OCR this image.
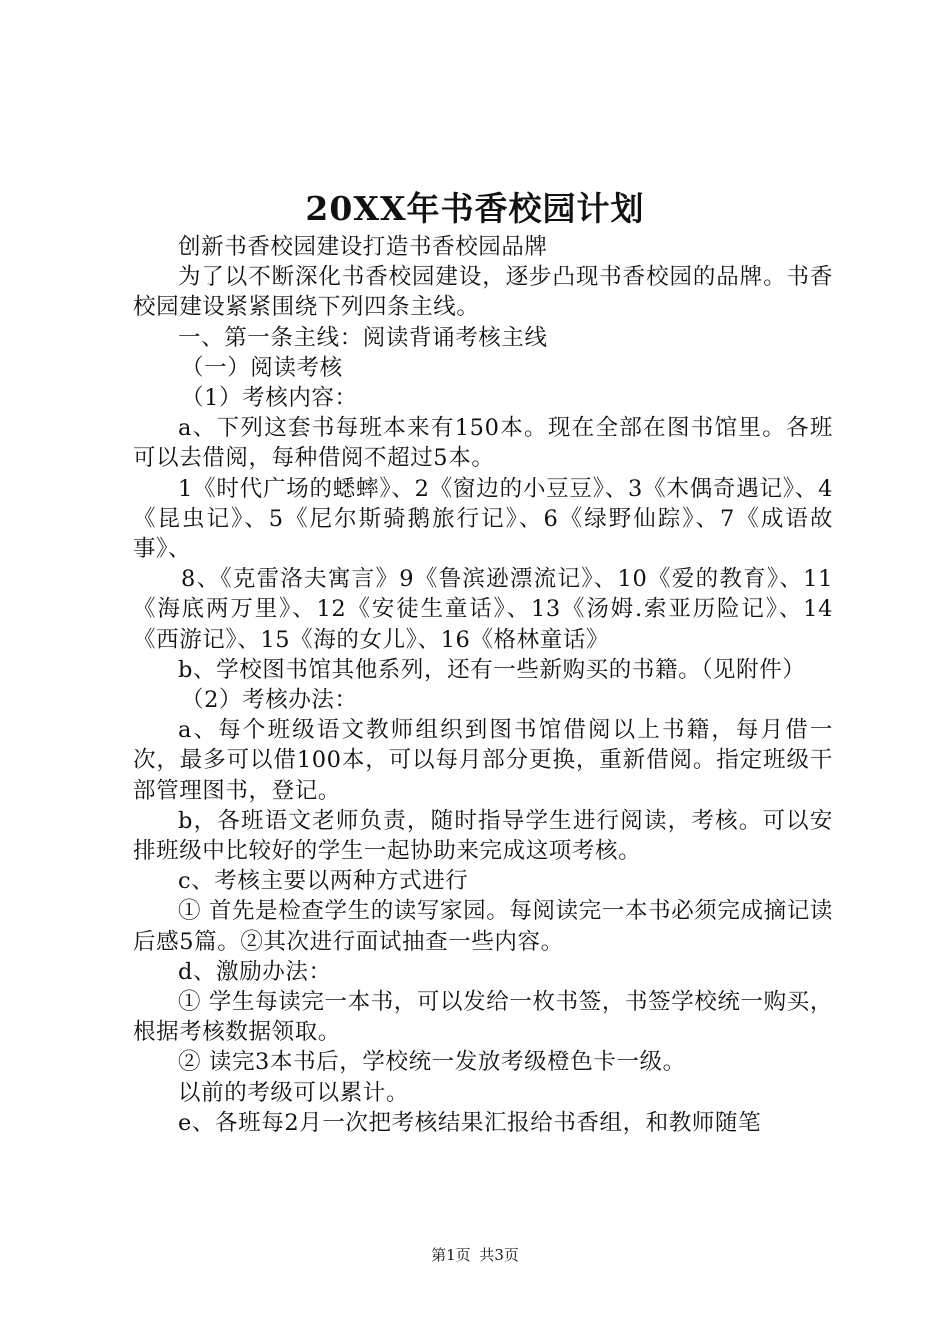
20XX年书香校园计划

创新书香校园建设打造书香校园品牌

为了以不断深化书香校园建设，逐步凸现书香校园的品牌。书香校园建设紧紧围绕下列四条主线。

一、第一条主线：阅读背诵考核主线

（一）阅读考核

（1）考核内容：

a、下列这套书每班本来有150本。现在全部在图书馆里。各班可以去借阅，每种借阅不超过5本。

1《时代广场的蟋蟀》、2《窗边的小豆豆》、3《木偶奇遇记》、4《昆虫记》、5《尼尔斯骑鹅旅行记》、6《绿野仙踪》、7《成语故事》、

8、《克雷洛夫寓言》9《鲁滨逊漂流记》、10《爱的教育》、11《海底两万里》、12《安徒生童话》、13《汤姆.索亚历险记》、14《西游记》、15《海的女儿》、16《格林童话》

b、学校图书馆其他系列，还有一些新购买的书籍。（见附件）

（2）考核办法：

a、每个班级语文教师组织到图书馆借阅以上书籍，每月借一次，最多可以借100本，可以每月部分更换，重新借阅。指定班级干部管理图书，登记。

b，各班语文老师负责，随时指导学生进行阅读，考核。可以安排班级中比较好的学生一起协助来完成这项考核。

c、考核主要以两种方式进行

① 首先是检查学生的读写家园。每阅读完一本书必须完成摘记读后感5篇。②其次进行面试抽查一些内容。

d、激励办法：

① 学生每读完一本书，可以发给一枚书签，书签学校统一购买，根据考核数据领取。

② 读完3本书后，学校统一发放考级橙色卡一级。

以前的考级可以累计。

e、各班每2月一次把考核结果汇报给书香组，和教师随笔

第1页 共3页
